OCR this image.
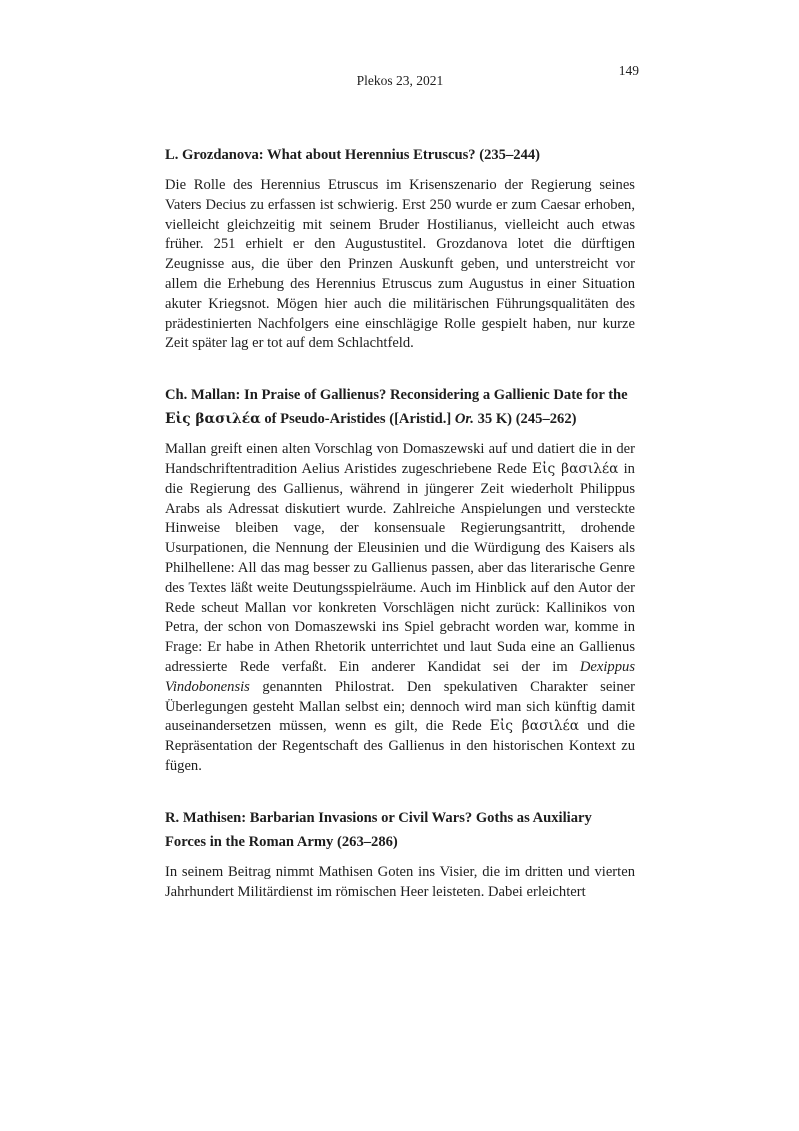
Plekos 23, 2021
149
L. Grozdanova: What about Herennius Etruscus? (235–244)

Die Rolle des Herennius Etruscus im Krisenszenario der Regierung seines Vaters Decius zu erfassen ist schwierig. Erst 250 wurde er zum Caesar erhoben, vielleicht gleichzeitig mit seinem Bruder Hostilianus, vielleicht auch etwas früher. 251 erhielt er den Augustustitel. Grozdanova lotet die dürftigen Zeugnisse aus, die über den Prinzen Auskunft geben, und unterstreicht vor allem die Erhebung des Herennius Etruscus zum Augustus in einer Situation akuter Kriegsnot. Mögen hier auch die militärischen Führungsqualitäten des prädestinierten Nachfolgers eine einschlägige Rolle gespielt haben, nur kurze Zeit später lag er tot auf dem Schlachtfeld.

Ch. Mallan: In Praise of Gallienus? Reconsidering a Gallienic Date for the Εἰς βασιλέα of Pseudo-Aristides ([Aristid.] Or. 35 K) (245–262)

Mallan greift einen alten Vorschlag von Domaszewski auf und datiert die in der Handschriftentradition Aelius Aristides zugeschriebene Rede Εἰς βασιλέα in die Regierung des Gallienus, während in jüngerer Zeit wiederholt Philippus Arabs als Adressat diskutiert wurde. Zahlreiche Anspielungen und versteckte Hinweise bleiben vage, der konsensuale Regierungsantritt, drohende Usurpationen, die Nennung der Eleusinien und die Würdigung des Kaisers als Philhellene: All das mag besser zu Gallienus passen, aber das literarische Genre des Textes läßt weite Deutungsspielräume. Auch im Hinblick auf den Autor der Rede scheut Mallan vor konkreten Vorschlägen nicht zurück: Kallinikos von Petra, der schon von Domaszewski ins Spiel gebracht worden war, komme in Frage: Er habe in Athen Rhetorik unterrichtet und laut Suda eine an Gallienus adressierte Rede verfaßt. Ein anderer Kandidat sei der im Dexippus Vindobonensis genannten Philostrat. Den spekulativen Charakter seiner Überlegungen gesteht Mallan selbst ein; dennoch wird man sich künftig damit auseinandersetzen müssen, wenn es gilt, die Rede Εἰς βασιλέα und die Repräsentation der Regentschaft des Gallienus in den historischen Kontext zu fügen.

R. Mathisen: Barbarian Invasions or Civil Wars? Goths as Auxiliary Forces in the Roman Army (263–286)

In seinem Beitrag nimmt Mathisen Goten ins Visier, die im dritten und vierten Jahrhundert Militärdienst im römischen Heer leisteten. Dabei erleichtert
